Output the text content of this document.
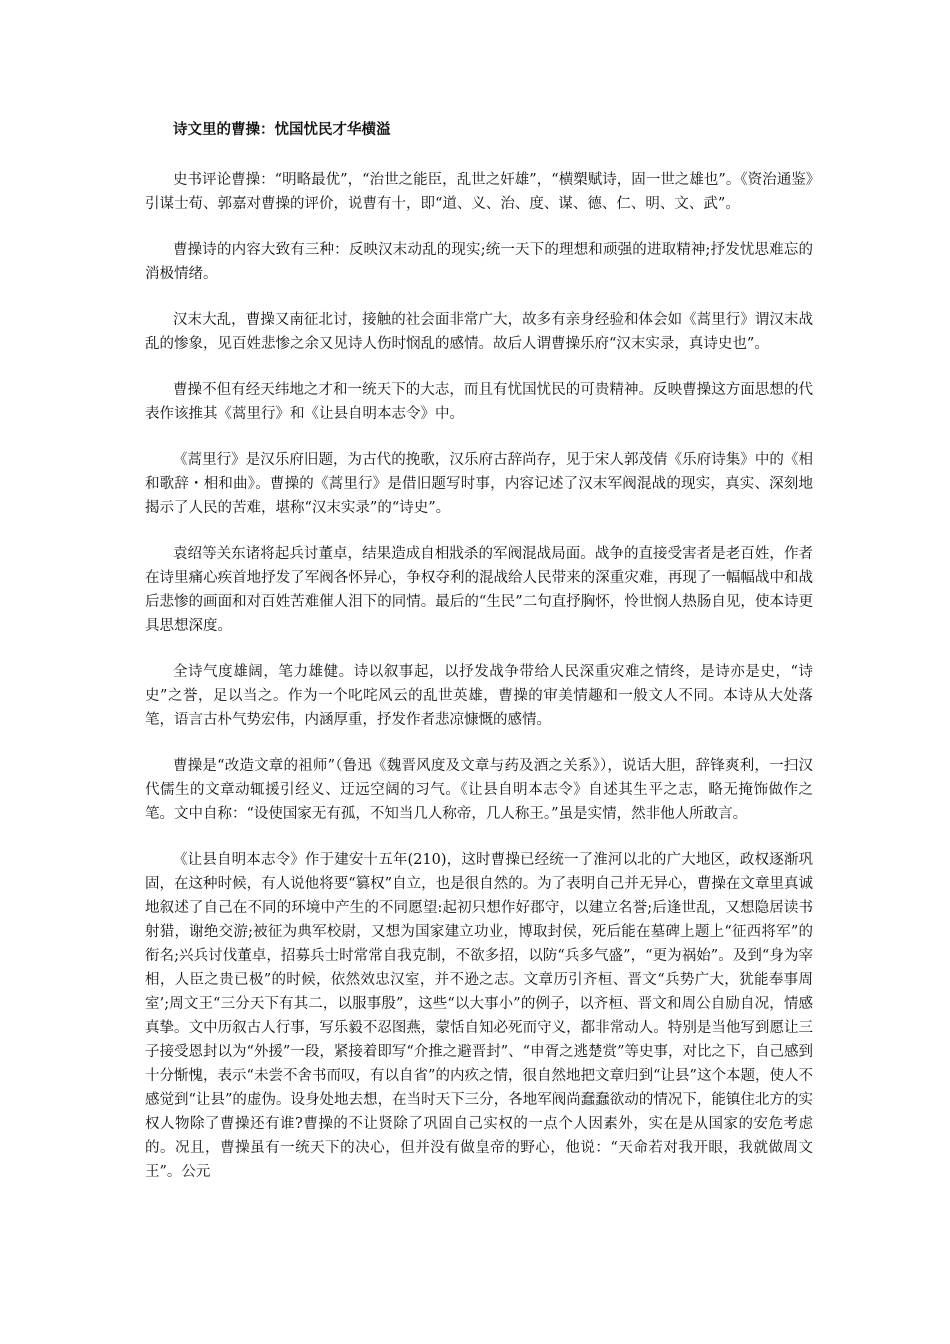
诗文里的曹操：忧国忧民才华横溢

史书评论曹操：“明略最优”，“治世之能臣，乱世之奸雄”，“横槊赋诗，固一世之雄也”。《资治通鉴》引谋士荀、郭嘉对曹操的评价，说曹有十，即“道、义、治、度、谋、德、仁、明、文、武”。

曹操诗的内容大致有三种：反映汉末动乱的现实;统一天下的理想和顽强的进取精神;抒发忧思难忘的消极情绪。

汉末大乱，曹操又南征北讨，接触的社会面非常广大，故多有亲身经验和体会如《蒿里行》谓汉末战乱的惨象，见百姓悲惨之余又见诗人伤时悯乱的感情。故后人谓曹操乐府“汉末实录，真诗史也”。

曹操不但有经天纬地之才和一统天下的大志，而且有忧国忧民的可贵精神。反映曹操这方面思想的代表作该推其《蒿里行》和《让县自明本志令》中。

《蒿里行》是汉乐府旧题，为古代的挽歌，汉乐府古辞尚存，见于宋人郭茂倩《乐府诗集》中的《相和歌辞・相和曲》。曹操的《蒿里行》是借旧题写时事，内容记述了汉末军阀混战的现实，真实、深刻地揭示了人民的苦难，堪称“汉末实录”的“诗史”。

袁绍等关东诸将起兵讨董卓，结果造成自相戕杀的军阀混战局面。战争的直接受害者是老百姓，作者在诗里痛心疾首地抒发了军阀各怀异心，争权夺利的混战给人民带来的深重灾难，再现了一幅幅战中和战后悲惨的画面和对百姓苦难催人泪下的同情。最后的“生民”二句直抒胸怀，怜世悯人热肠自见，使本诗更具思想深度。

全诗气度雄阔，笔力雄健。诗以叙事起，以抒发战争带给人民深重灾难之情终，是诗亦是史，“诗史”之誉，足以当之。作为一个叱咤风云的乱世英雄，曹操的审美情趣和一般文人不同。本诗从大处落笔，语言古朴气势宏伟，内涵厚重，抒发作者悲凉慷慨的感情。

曹操是“改造文章的祖师”（鲁迅《魏晋风度及文章与药及酒之关系》），说话大胆，辞锋爽利，一扫汉代儒生的文章动辄援引经义、迂远空阔的习气。《让县自明本志令》自述其生平之志，略无掩饰做作之笔。文中自称：“设使国家无有孤，不知当几人称帝，几人称王。”虽是实情，然非他人所敢言。

《让县自明本志令》作于建安十五年(210)，这时曹操已经统一了淮河以北的广大地区，政权逐渐巩固，在这种时候，有人说他将要“篡权”自立，也是很自然的。为了表明自己并无异心，曹操在文章里真诚地叙述了自己在不同的环境中产生的不同愿望:起初只想作好郡守，以建立名誉;后逢世乱，又想隐居读书射猎，谢绝交游;被征为典军校尉，又想为国家建立功业，博取封侯，死后能在墓碑上题上“征西将军”的衔名;兴兵讨伐董卓，招募兵士时常常自我克制，不欲多招，以防“兵多气盛”，“更为祸始”。及到“身为宰相，人臣之贵已极”的时候，依然效忠汉室，并不逊之志。文章历引齐桓、晋文“兵势广大，犹能奉事周室’;周文王“三分天下有其二，以服事殷”，这些“以大事小”的例子，以齐桓、晋文和周公自励自况，情感真挚。文中历叙古人行事，写乐毅不忍图燕，蒙恬自知必死而守义，都非常动人。特别是当他写到愿让三子接受恩封以为“外援”一段，紧接着即写“介推之避晋封”、“申胥之逃楚赏”等史事，对比之下，自己感到十分惭愧，表示“未尝不舍书而叹，有以自省”的内疚之情，很自然地把文章归到“让县”这个本题，使人不感觉到“让县”的虚伪。设身处地去想，在当时天下三分，各地军阀尚蠢蠢欲动的情况下，能镇住北方的实权人物除了曹操还有谁?曹操的不让贤除了巩固自己实权的一点个人因素外，实在是从国家的安危考虑的。况且，曹操虽有一统天下的决心，但并没有做皇帝的野心，他说：“天命若对我开眼，我就做周文王”。公元
